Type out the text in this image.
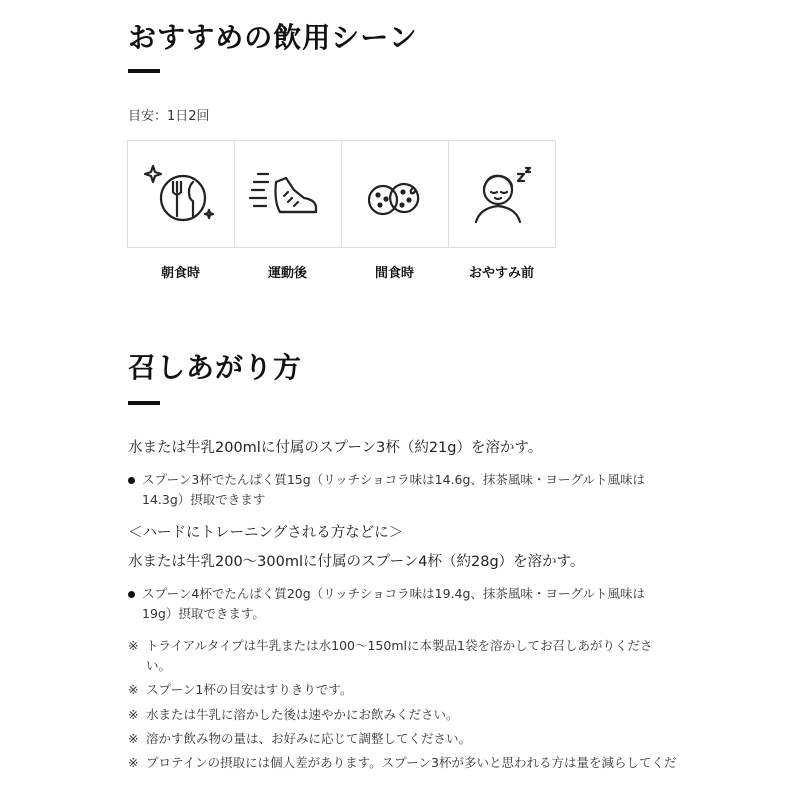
おすすめの飲用シーン
目安：1日2回
朝食時	運動後	間食時	おやすみ前
召しあがり方
水または牛乳200mlに付属のスプーン3杯（約21g）を溶かす。
スプーン3杯でたんぱく質15g（リッチショコラ味は14.6g、抹茶風味・ヨーグルト風味は14.3g）摂取できます
＜ハードにトレーニングされる方などに＞
水または牛乳200～300mlに付属のスプーン4杯（約28g）を溶かす。
スプーン4杯でたんぱく質20g（リッチショコラ味は19.4g、抹茶風味・ヨーグルト風味は19g）摂取できます。
※ トライアルタイプは牛乳または水100～150mlに本製品1袋を溶かしてお召しあがりください。
※ スプーン1杯の目安はすりきりです。
※ 水または牛乳に溶かした後は速やかにお飲みください。
※ 溶かす飲み物の量は、お好みに応じて調整してください。
※ プロテインの摂取には個人差があります。スプーン3杯が多いと思われる方は量を減らしてくだ
